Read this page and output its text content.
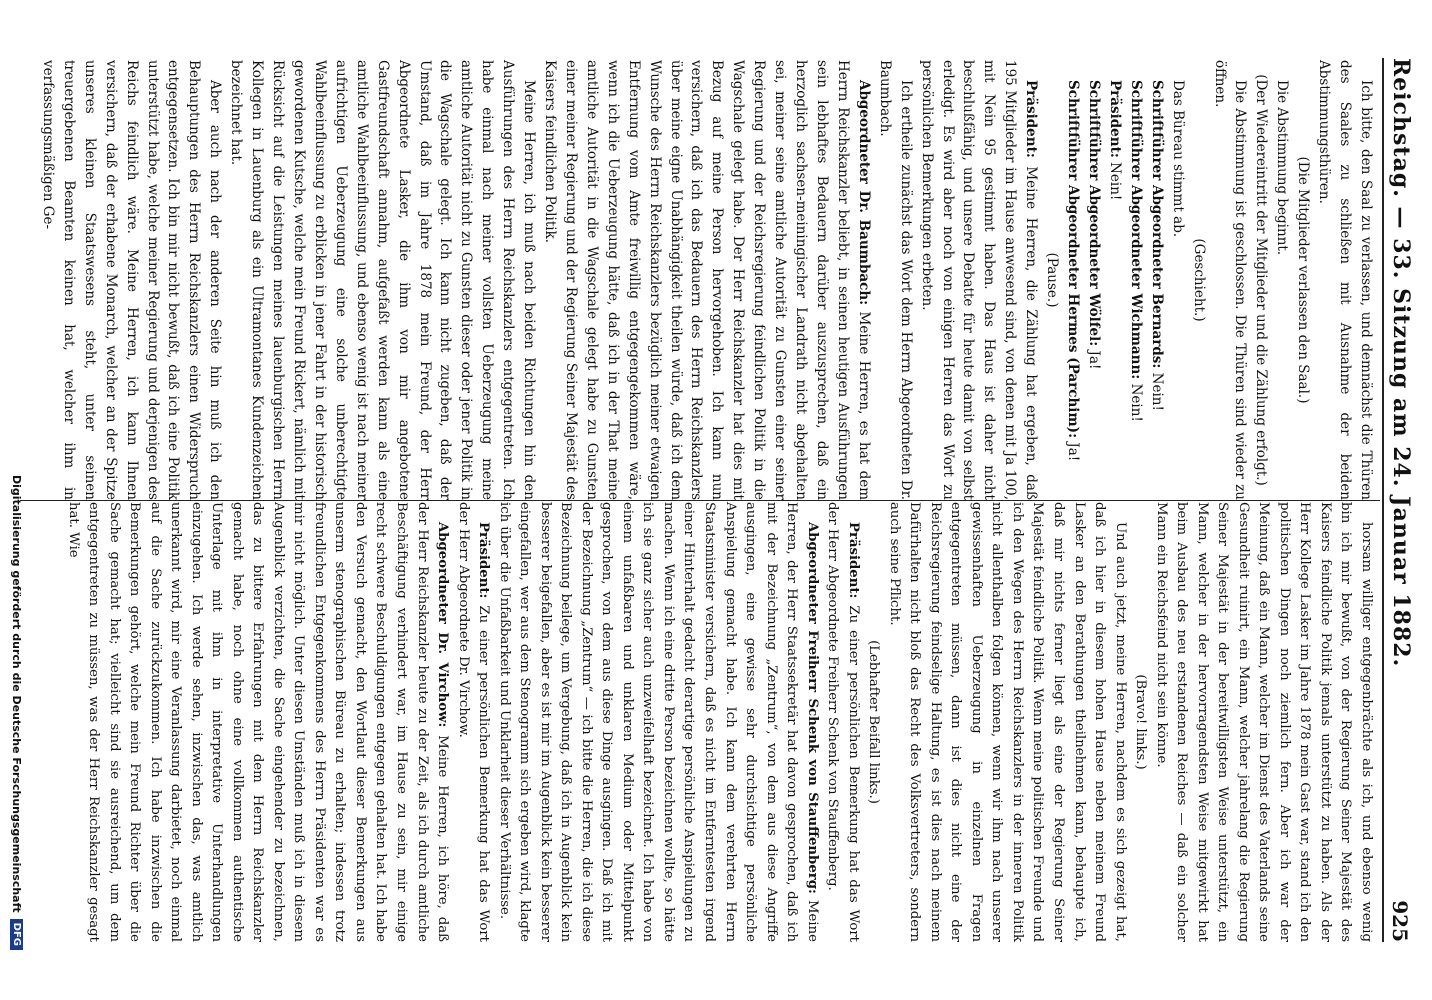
Reichstag. — 33. Sitzung am 24. Januar 1882.
925

Ich bitte, den Saal zu verlassen, und demnächst die Thüren des Saales zu schließen mit Ausnahme der beiden Abstimmungsthüren.

(Die Mitglieder verlassen den Saal.)

Die Abstimmung beginnt.

(Der Wiedereintritt der Mitglieder und die Zählung erfolgt.)

Die Abstimmung ist geschlossen. Die Thüren sind wieder zu öffnen.

(Geschieht.)

Das Büreau stimmt ab.

Schriftführer Abgeordneter Bernards: Nein!

Schriftführer Abgeordneter Wichmann: Nein!

Präsident: Nein!

Schriftführer Abgeordneter Wölfel: Ja!

Schriftführer Abgeordneter Hermes (Parchim): Ja!

(Pause.)

Präsident: Meine Herren, die Zählung hat ergeben, daß 195 Mitglieder im Hause anwesend sind, von denen mit Ja 100, mit Nein 95 gestimmt haben. Das Haus ist daher nicht beschlußfähig, und unsere Debatte für heute damit von selbst erledigt. Es wird aber noch von einigen Herren das Wort zu persönlichen Bemerkungen erbeten.

Ich ertheile zunächst das Wort dem Herrn Abgeordneten Dr. Baumbach.

Abgeordneter Dr. Baumbach: Meine Herren, es hat dem Herrn Reichskanzler beliebt, in seinen heutigen Ausführungen sein lebhaftes Bedauern darüber auszusprechen, daß ein herzoglich sachsen-meiningischer Landrath nicht abgehalten sei, meiner seine amtliche Autorität zu Gunsten einer seiner Regierung und der Reichsregierung feindlichen Politik in die Wagschale gelegt habe. Der Herr Reichskanzler hat dies mit Bezug auf meine Person hervorgehoben. Ich kann nun versichern, daß ich das Bedauern des Herrn Reichskanzlers über meine eigne Unabhängigkeit theilen würde, daß ich dem Wunsche des Herrn Reichskanzlers bezüglich meiner etwaigen Entfernung vom Amte freiwillig entgegengekommen wäre, wenn ich die Ueberzeugung hätte, daß ich in der That meine amtliche Autorität in die Wagschale gelegt habe zu Gunsten einer meiner Regierung und der Regierung Seiner Majestät des Kaisers feindlichen Politik.

Meine Herren, ich muß nach beiden Richtungen hin den Ausführungen des Herrn Reichskanzlers entgegentreten. Ich habe einmal nach meiner vollsten Ueberzeugung meine amtliche Autorität nicht zu Gunsten dieser oder jener Politik in die Wagschale gelegt. Ich kann nicht zugeben, daß der Umstand, daß im Jahre 1878 mein Freund, der Herr Abgeordnete Lasker, die ihm von mir angebotene Gastfreundschaft annahm, aufgefaßt werden kann als eine amtliche Wahlbeeinflussung, und ebenso wenig ist nach meiner aufrichtigen Ueberzeugung eine solche unberechtigte Wahlbeeinflussung zu erblicken in jener Fahrt in der historisch gewordenen Kutsche, welche mein Freund Rickert, nämlich mit Rücksicht auf die Leistungen meines lauenburgischen Herrn Kollegen in Lauenburg als ein Ultramontanes Kundenzeichen bezeichnet hat.

Aber auch nach der anderen Seite hin muß ich den Behauptungen des Herrn Reichskanzlers einen Widerspruch entgegensetzen. Ich bin mir nicht bewußt, daß ich eine Politik unterstützt habe, welche meiner Regierung und derjenigen des Reichs feindlich wäre. Meine Herren, ich kann Ihnen versichern, daß der erhabene Monarch, welcher an der Spitze unseres kleinen Staatswesens steht, unter seinen treuergebenen Beamten keinen hat, welcher ihm in verfassungsmäßigen Ge-

horsam williger entgegenbrächte als ich, und ebenso wenig bin ich mir bewußt, von der Regierung Seiner Majestät des Kaisers feindliche Politik jemals unterstützt zu haben. Als der Herr Kollege Lasker im Jahre 1878 mein Gast war, stand ich den politischen Dingen noch ziemlich fern. Aber ich war der Meinung, daß ein Mann, welcher im Dienst des Vaterlands seine Gesundheit ruinirt, ein Mann, welcher jahrelang die Regierung Seiner Majestät in der bereitwilligsten Weise unterstützt, ein Mann, welcher in der hervorragendsten Weise mitgewirkt hat beim Ausbau des neu erstandenen Reiches — daß ein solcher Mann ein Reichsfeind nicht sein könne.

(Bravo! links.)

Und auch jetzt, meine Herren, nachdem es sich gezeigt hat, daß ich hier in diesem hohen Hause neben meinem Freund Lasker an den Berathungen theilnehmen kann, behaupte ich, daß mir nichts ferner liegt als eine der Regierung Seiner Majestät feindliche Politik. Wenn meine politischen Freunde und ich den Wegen des Herrn Reichskanzlers in der inneren Politik nicht allenthalben folgen können, wenn wir ihm nach unserer gewissenhaften Ueberzeugung in einzelnen Fragen entgegentreten müssen, dann ist dies nicht eine der Reichsregierung feindselige Haltung, es ist dies nach meinem Dafürhalten nicht bloß das Recht des Volksvertreters, sondern auch seine Pflicht.

(Lebhafter Beifall links.)

Präsident: Zu einer persönlichen Bemerkung hat das Wort der Herr Abgeordnete Freiherr Schenk von Stauffenberg.

Abgeordneter Freiherr Schenk von Stauffenberg: Meine Herren, der Herr Staatssekretär hat davon gesprochen, daß ich mit der Bezeichnung „Zentrum“, von dem aus diese Angriffe ausgingen, eine gewisse sehr durchsichtige persönliche Anspielung gemacht habe. Ich kann dem verehrten Herrn Staatsminister versichern, daß es nicht im Entferntesten irgend einer Hinterhalt gedacht derartige persönliche Anspielungen zu machen. Wenn ich eine dritte Person bezeichnen wollte, so hätte ich sie ganz sicher auch unzweifelhaft bezeichnet. Ich habe von einem unfaßbaren und unklaren Medium oder Mittelpunkt gesprochen, von dem aus diese Dinge ausgingen. Daß ich mit der Bezeichnung „Zentrum“ — ich bitte die Herren, die ich diese Bezeichnung beilege, um Vergebung, daß ich in Augenblick kein besserer beigefallen, aber es ist mir im Augenblick kein besserer eingefallen, wer aus dem Stenogramm sich ergeben wird, klagte ich über die Unfaßbarkeit und Unklarheit dieser Verhältnisse.

Präsident: Zu einer persönlichen Bemerkung hat das Wort der Herr Abgeordnete Dr. Virchow.

Abgeordneter Dr. Virchow: Meine Herren, ich höre, daß der Herr Reichskanzler heute zu der Zeit, als ich durch amtliche Beschäftigung verhindert war, im Hause zu sein, mir einige recht schwere Beschuldigungen entgegen gehalten hat. Ich habe den Versuch gemacht, den Wortlaut dieser Bemerkungen aus unserm stenographischen Büreau zu erhalten; indessen trotz freundlichen Entgegenkommens des Herrn Präsidenten war es mir nicht möglich. Unter diesen Umständen muß ich in diesem Augenblick verzichten, die Sache eingehender zu bezeichnen, das zu bittere Erfahrungen mit dem Herrn Reichskanzler gemacht habe, noch ohne eine vollkommen authentische Unterlage mit ihm in interpretative Unterhandlungen einzugehen. Ich werde sehen, inzwischen das, was amtlich unerkannt wird, mir eine Veranlassung darbietet, noch einmal auf die Sache zurückzukommen. Ich habe inzwischen die Bemerkungen gehört, welche mein Freund Richter über die Sache gemacht hat; vielleicht sind sie ausreichend, um dem entgegentreten zu müssen, was der Herr Reichskanzler gesagt hat. Wie

Digitalisierung gefördert durch die Deutsche Forschungsgemeinschaft
DFG
